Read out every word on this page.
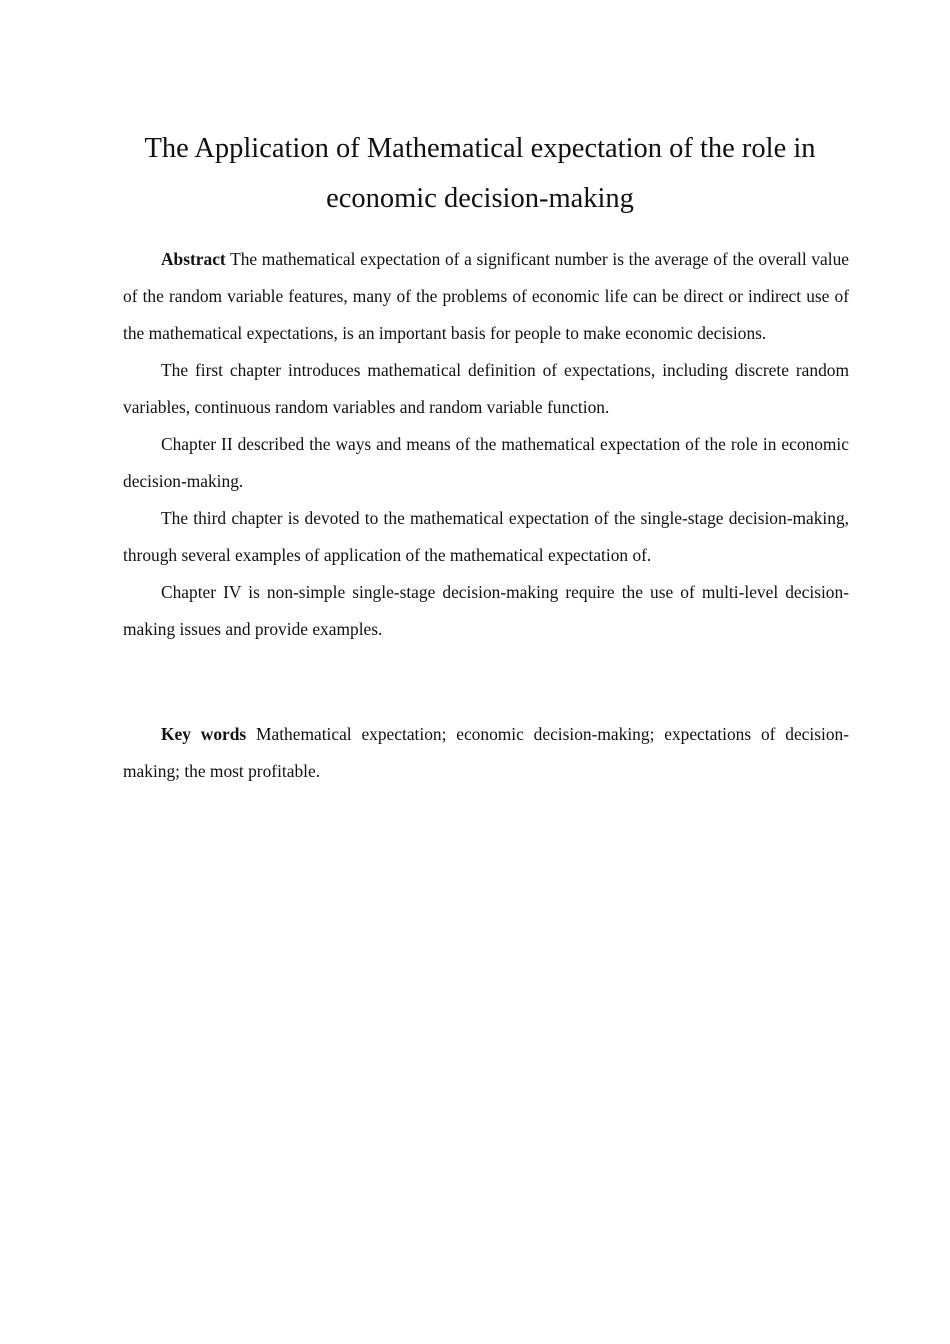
The Application of Mathematical expectation of the role in
economic decision-making

Abstract The mathematical expectation of a significant number is the average of the overall value of the random variable features, many of the problems of economic life can be direct or indirect use of the mathematical expectations, is an important basis for people to make economic decisions.

The first chapter introduces mathematical definition of expectations, including discrete random variables, continuous random variables and random variable function.

Chapter II described the ways and means of the mathematical expectation of the role in economic decision-making.

The third chapter is devoted to the mathematical expectation of the single-stage decision-making, through several examples of application of the mathematical expectation of.

Chapter IV is non-simple single-stage decision-making require the use of multi-level decision-making issues and provide examples.

Key words Mathematical expectation; economic decision-making; expectations of decision-making; the most profitable.
